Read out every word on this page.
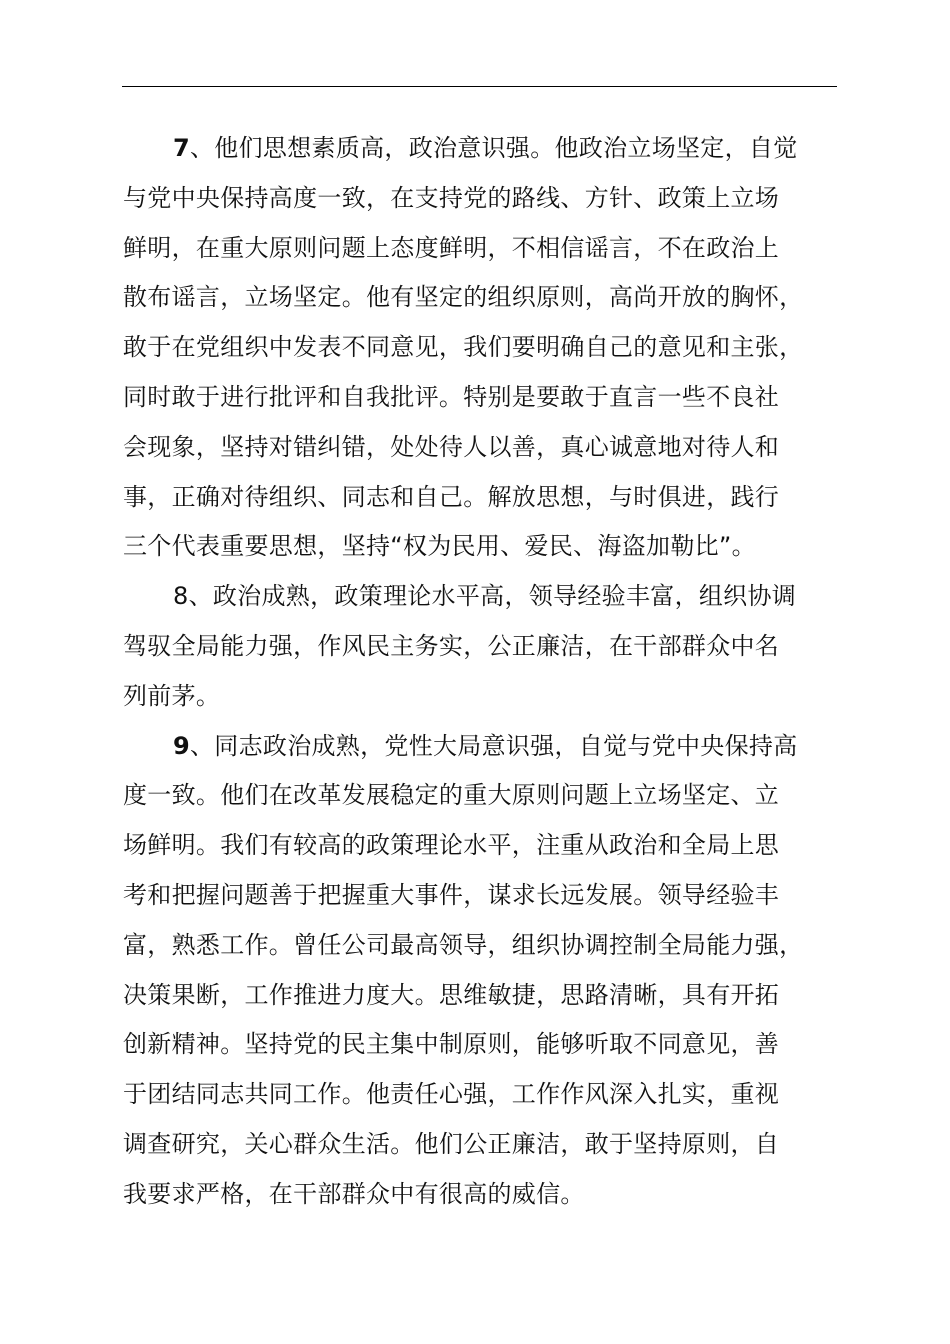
7、他们思想素质高，政治意识强。他政治立场坚定，自觉
与党中央保持高度一致，在支持党的路线、方针、政策上立场
鲜明，在重大原则问题上态度鲜明，不相信谣言，不在政治上
散布谣言，立场坚定。他有坚定的组织原则，高尚开放的胸怀，
敢于在党组织中发表不同意见，我们要明确自己的意见和主张，
同时敢于进行批评和自我批评。特别是要敢于直言一些不良社
会现象，坚持对错纠错，处处待人以善，真心诚意地对待人和
事，正确对待组织、同志和自己。解放思想，与时俱进，践行
三个代表重要思想，坚持“权为民用、爱民、海盗加勒比”。
8、政治成熟，政策理论水平高，领导经验丰富，组织协调
驾驭全局能力强，作风民主务实，公正廉洁，在干部群众中名
列前茅。
9、同志政治成熟，党性大局意识强，自觉与党中央保持高
度一致。他们在改革发展稳定的重大原则问题上立场坚定、立
场鲜明。我们有较高的政策理论水平，注重从政治和全局上思
考和把握问题善于把握重大事件，谋求长远发展。领导经验丰
富，熟悉工作。曾任公司最高领导，组织协调控制全局能力强，
决策果断，工作推进力度大。思维敏捷，思路清晰，具有开拓
创新精神。坚持党的民主集中制原则，能够听取不同意见，善
于团结同志共同工作。他责任心强，工作作风深入扎实，重视
调查研究，关心群众生活。他们公正廉洁，敢于坚持原则，自
我要求严格，在干部群众中有很高的威信。
